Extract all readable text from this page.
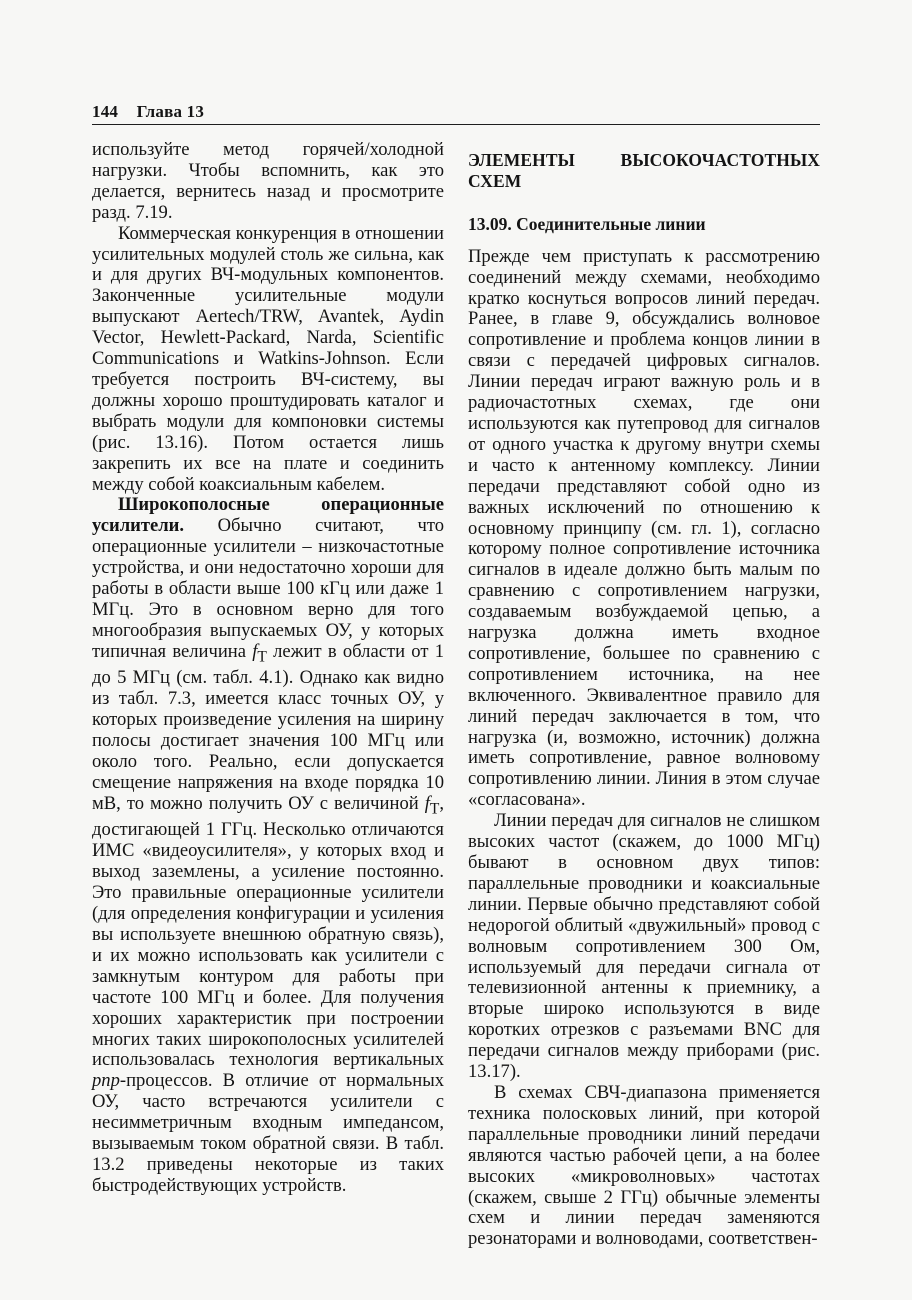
144 Глава 13

используйте метод горячей/холодной нагрузки. Чтобы вспомнить, как это делается, вернитесь назад и просмотрите разд. 7.19.

Коммерческая конкуренция в отношении усилительных модулей столь же сильна, как и для других ВЧ-модульных компонентов. Законченные усилительные модули выпускают Aertech/TRW, Avantek, Aydin Vector, Hewlett-Packard, Narda, Scientific Communications и Watkins-Johnson. Если требуется построить ВЧ-систему, вы должны хорошо проштудировать каталог и выбрать модули для компоновки системы (рис. 13.16). Потом остается лишь закрепить их все на плате и соединить между собой коаксиальным кабелем.

Широкополосные операционные усилители. Обычно считают, что операционные усилители – низкочастотные устройства, и они недостаточно хороши для работы в области выше 100 кГц или даже 1 МГц. Это в основном верно для того многообразия выпускаемых ОУ, у которых типичная величина $f_T$ лежит в области от 1 до 5 МГц (см. табл. 4.1). Однако как видно из табл. 7.3, имеется класс точных ОУ, у которых произведение усиления на ширину полосы достигает значения 100 МГц или около того. Реально, если допускается смещение напряжения на входе порядка 10 мВ, то можно получить ОУ с величиной $f_T$, достигающей 1 ГГц. Несколько отличаются ИМС «видеоусилителя», у которых вход и выход заземлены, а усиление постоянно. Это правильные операционные усилители (для определения конфигурации и усиления вы используете внешнюю обратную связь), и их можно использовать как усилители с замкнутым контуром для работы при частоте 100 МГц и более. Для получения хороших характеристик при построении многих таких широкополосных усилителей использовалась технология вертикальных pnp-процессов. В отличие от нормальных ОУ, часто встречаются усилители с несимметричным входным импедансом, вызываемым током обратной связи. В табл. 13.2 приведены некоторые из таких быстродействующих устройств.

ЭЛЕМЕНТЫ ВЫСОКОЧАСТОТНЫХ СХЕМ
13.09. Соединительные линии

Прежде чем приступать к рассмотрению соединений между схемами, необходимо кратко коснуться вопросов линий передач. Ранее, в главе 9, обсуждались волновое сопротивление и проблема концов линии в связи с передачей цифровых сигналов. Линии передач играют важную роль и в радиочастотных схемах, где они используются как путепровод для сигналов от одного участка к другому внутри схемы и часто к антенному комплексу. Линии передачи представляют собой одно из важных исключений по отношению к основному принципу (см. гл. 1), согласно которому полное сопротивление источника сигналов в идеале должно быть малым по сравнению с сопротивлением нагрузки, создаваемым возбуждаемой цепью, а нагрузка должна иметь входное сопротивление, большее по сравнению с сопротивлением источника, на нее включенного. Эквивалентное правило для линий передач заключается в том, что нагрузка (и, возможно, источник) должна иметь сопротивление, равное волновому сопротивлению линии. Линия в этом случае «согласована».

Линии передач для сигналов не слишком высоких частот (скажем, до 1000 МГц) бывают в основном двух типов: параллельные проводники и коаксиальные линии. Первые обычно представляют собой недорогой облитый «двужильный» провод с волновым сопротивлением 300 Ом, используемый для передачи сигнала от телевизионной антенны к приемнику, а вторые широко используются в виде коротких отрезков с разъемами BNC для передачи сигналов между приборами (рис. 13.17).

В схемах СВЧ-диапазона применяется техника полосковых линий, при которой параллельные проводники линий передачи являются частью рабочей цепи, а на более высоких «микроволновых» частотах (скажем, свыше 2 ГГц) обычные элементы схем и линии передач заменяются резонаторами и волноводами, соответствен-
